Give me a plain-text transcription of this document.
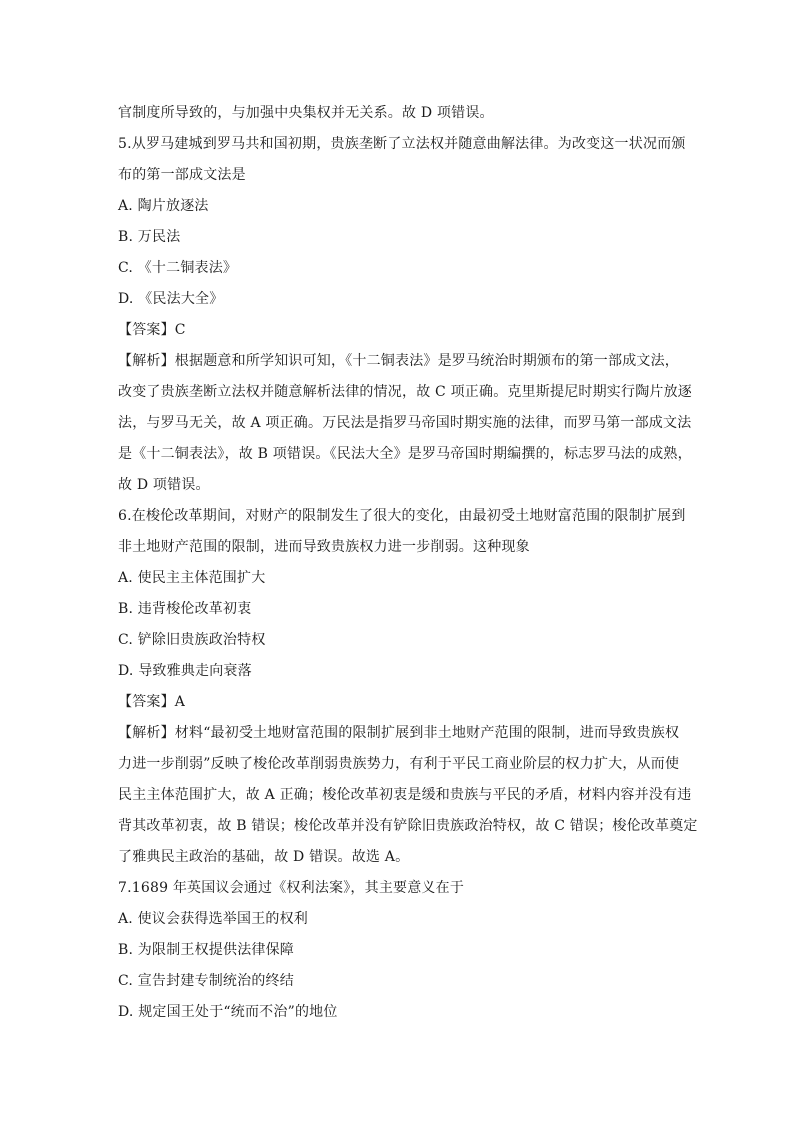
官制度所导致的，与加强中央集权并无关系。故 D 项错误。
5.从罗马建城到罗马共和国初期，贵族垄断了立法权并随意曲解法律。为改变这一状况而颁
布的第一部成文法是
A. 陶片放逐法
B. 万民法
C. 《十二铜表法》
D. 《民法大全》
【答案】C
【解析】根据题意和所学知识可知，《十二铜表法》是罗马统治时期颁布的第一部成文法，
改变了贵族垄断立法权并随意解析法律的情况，故 C 项正确。克里斯提尼时期实行陶片放逐
法，与罗马无关，故 A 项正确。万民法是指罗马帝国时期实施的法律，而罗马第一部成文法
是《十二铜表法》，故 B 项错误。《民法大全》是罗马帝国时期编撰的，标志罗马法的成熟，
故 D 项错误。
6.在梭伦改革期间，对财产的限制发生了很大的变化，由最初受土地财富范围的限制扩展到
非土地财产范围的限制，进而导致贵族权力进一步削弱。这种现象
A. 使民主主体范围扩大
B. 违背梭伦改革初衷
C. 铲除旧贵族政治特权
D. 导致雅典走向衰落
【答案】A
【解析】材料“最初受土地财富范围的限制扩展到非土地财产范围的限制，进而导致贵族权
力进一步削弱”反映了梭伦改革削弱贵族势力，有利于平民工商业阶层的权力扩大，从而使
民主主体范围扩大，故 A 正确；梭伦改革初衷是缓和贵族与平民的矛盾，材料内容并没有违
背其改革初衷，故 B 错误；梭伦改革并没有铲除旧贵族政治特权，故 C 错误；梭伦改革奠定
了雅典民主政治的基础，故 D 错误。故选 A。
7.1689 年英国议会通过《权利法案》，其主要意义在于
A. 使议会获得选举国王的权利
B. 为限制王权提供法律保障
C. 宣告封建专制统治的终结
D. 规定国王处于“统而不治”的地位
